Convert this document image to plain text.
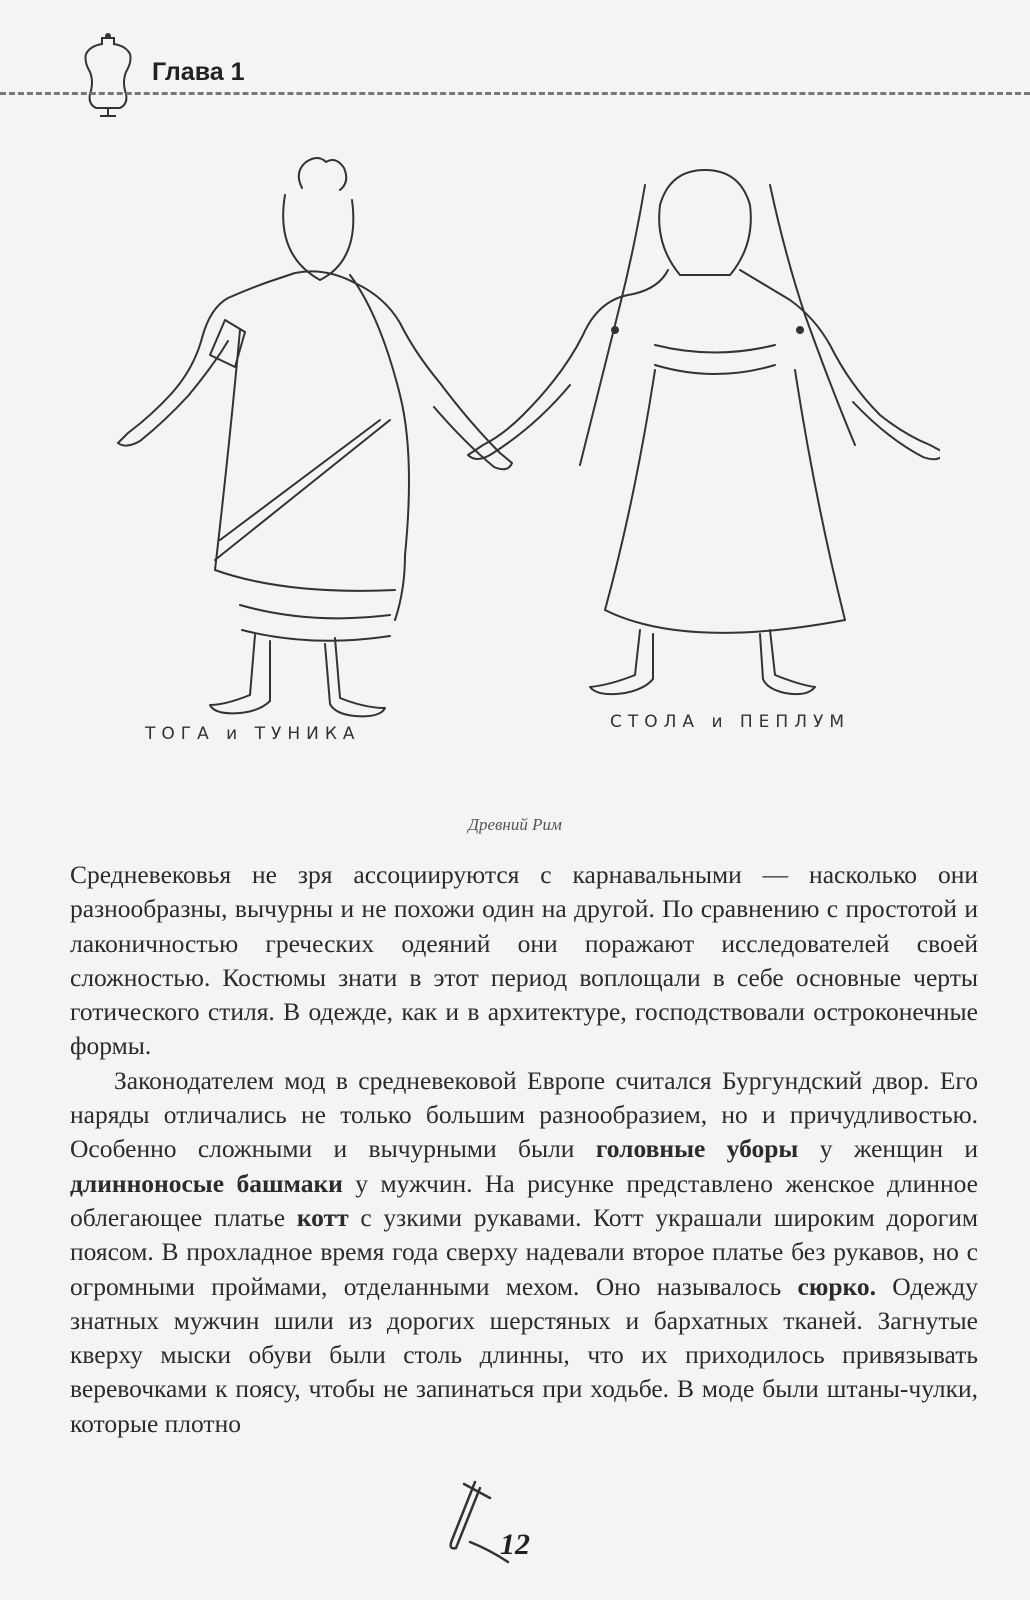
Глава 1
ТОГА и ТУНИКА
СТОЛА и ПЕПЛУМ
Древний Рим

Средневековья не зря ассоциируются с карнавальными — насколько они разнообразны, вычурны и не похожи один на другой. По сравнению с простотой и лаконичностью греческих одеяний они поражают исследователей своей сложностью. Костюмы знати в этот период воплощали в себе основные черты готического стиля. В одежде, как и в архитектуре, господствовали остроконечные формы.

Законодателем мод в средневековой Европе считался Бургундский двор. Его наряды отличались не только большим разнообразием, но и причудливостью. Особенно сложными и вычурными были головные уборы у женщин и длинноносые башмаки у мужчин. На рисунке представлено женское длинное облегающее платье котт с узкими рукавами. Котт украшали широким дорогим поясом. В прохладное время года сверху надевали второе платье без рукавов, но с огромными проймами, отделанными мехом. Оно называлось сюрко. Одежду знатных мужчин шили из дорогих шерстяных и бархатных тканей. Загнутые кверху мыски обуви были столь длинны, что их приходилось привязывать веревочками к поясу, чтобы не запинаться при ходьбе. В моде были штаны-чулки, которые плотно

12
